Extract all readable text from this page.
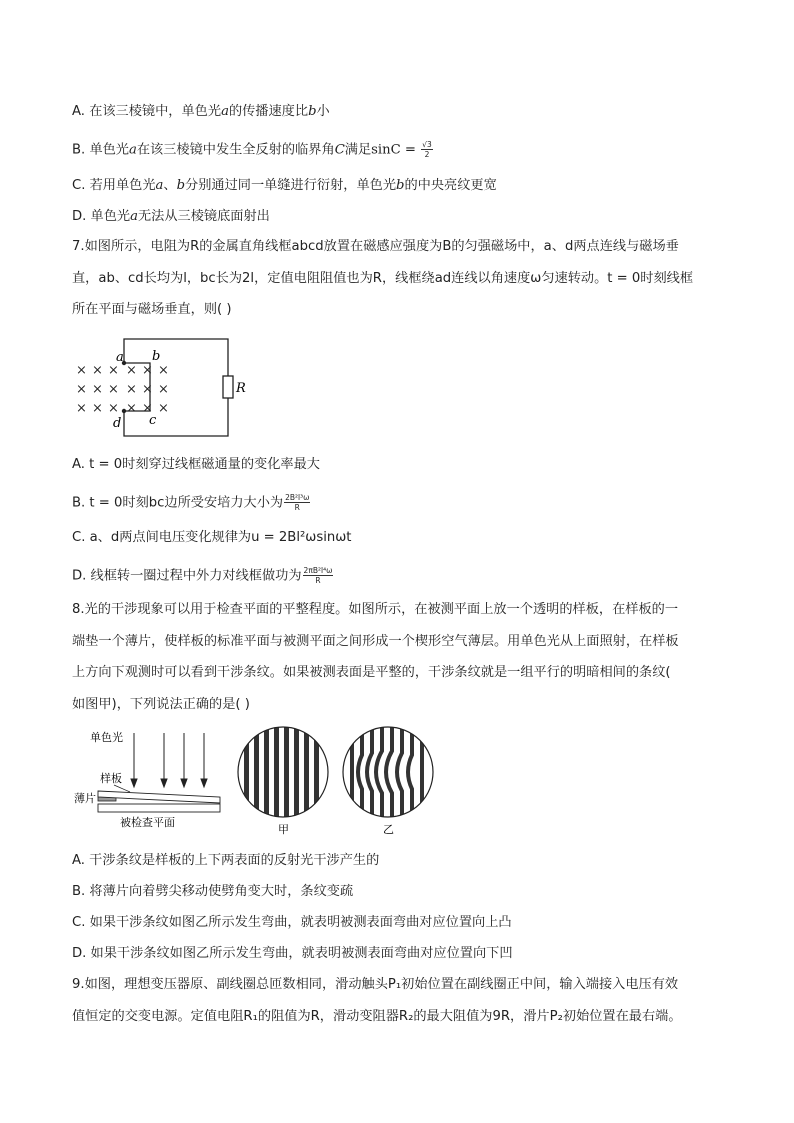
A. 在该三棱镜中，单色光a的传播速度比b小
B. 单色光a在该三棱镜中发生全反射的临界角C满足$\sin C = \frac{√3}{2}$
C. 若用单色光a、b分别通过同一单缝进行衍射，单色光b的中央亮纹更宽
D. 单色光a无法从三棱镜底面射出
7.如图所示，电阻为R的金属直角线框abcd放置在磁感应强度为B的匀强磁场中，a、d两点连线与磁场垂
直，ab、cd长均为l，bc长为2l，定值电阻阻值也为R，线框绕ad连线以角速度ω匀速转动。t = 0时刻线框
所在平面与磁场垂直，则( )
× × × × × ×
× × × × × ×
× × × × × ×
a b
c
d
R
A. t = 0时刻穿过线框磁通量的变化率最大
B. t = 0时刻bc边所受安培力大小为 $\frac{\text{2B²l³ω}}{R}$
C. a、d两点间电压变化规律为u = 2Bl²ωsinωt
D. 线框转一圈过程中外力对线框做功为 $\frac{\text{2πB²l⁴ω}}{R}$
8.光的干涉现象可以用于检查平面的平整程度。如图所示，在被测平面上放一个透明的样板，在样板的一
端垫一个薄片，使样板的标准平面与被测平面之间形成一个楔形空气薄层。用单色光从上面照射，在样板
上方向下观测时可以看到干涉条纹。如果被测表面是平整的，干涉条纹就是一组平行的明暗相间的条纹(
如图甲)，下列说法正确的是( )
单色光
样板
薄片
被检查平面
甲	乙
A. 干涉条纹是样板的上下两表面的反射光干涉产生的
B. 将薄片向着劈尖移动使劈角变大时，条纹变疏
C. 如果干涉条纹如图乙所示发生弯曲，就表明被测表面弯曲对应位置向上凸
D. 如果干涉条纹如图乙所示发生弯曲，就表明被测表面弯曲对应位置向下凹
9.如图，理想变压器原、副线圈总匝数相同，滑动触头P₁初始位置在副线圈正中间，输入端接入电压有效
值恒定的交变电源。定值电阻R₁的阻值为R，滑动变阻器R₂的最大阻值为9R，滑片P₂初始位置在最右端。
